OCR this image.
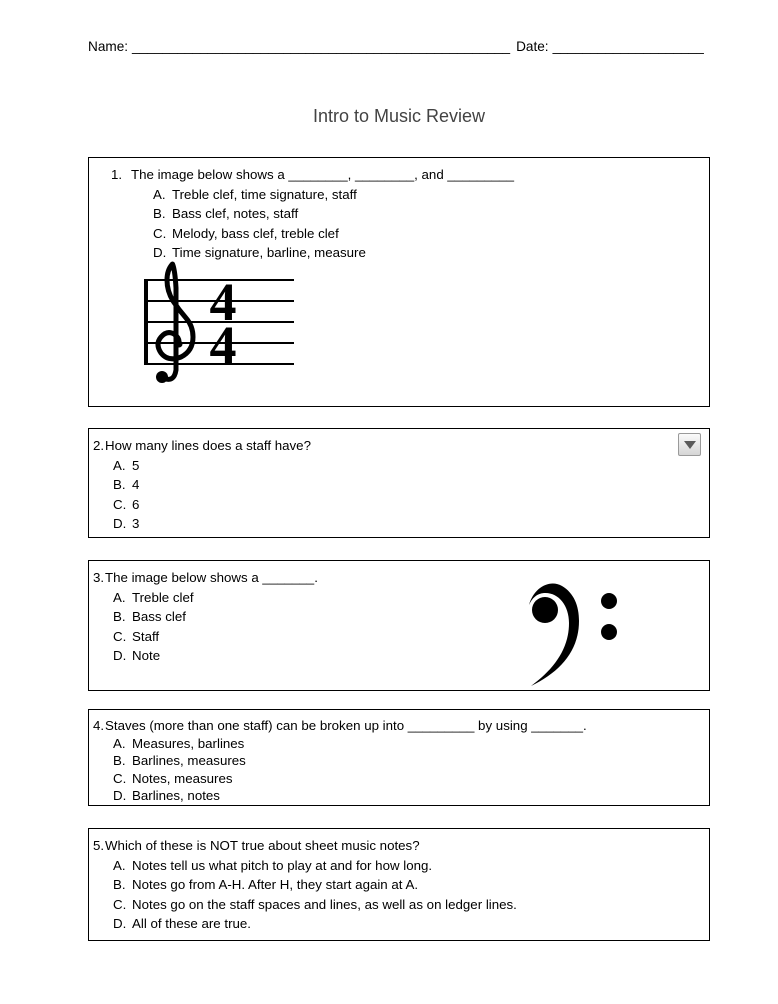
Name: __________________________________________________ Date: ____________________
Intro to Music Review
1. The image below shows a ________, ________, and _________
A. Treble clef, time signature, staff
B. Bass clef, notes, staff
C. Melody, bass clef, treble clef
D. Time signature, barline, measure
4
4
2.How many lines does a staff have?
A. 5
B. 4
C. 6
D. 3
3.The image below shows a _______.
A. Treble clef
B. Bass clef
C. Staff
D. Note
4.Staves (more than one staff) can be broken up into _________ by using _______.
A. Measures, barlines
B. Barlines, measures
C. Notes, measures
D. Barlines, notes
5.Which of these is NOT true about sheet music notes?
A. Notes tell us what pitch to play at and for how long.
B. Notes go from A-H. After H, they start again at A.
C. Notes go on the staff spaces and lines, as well as on ledger lines.
D. All of these are true.
